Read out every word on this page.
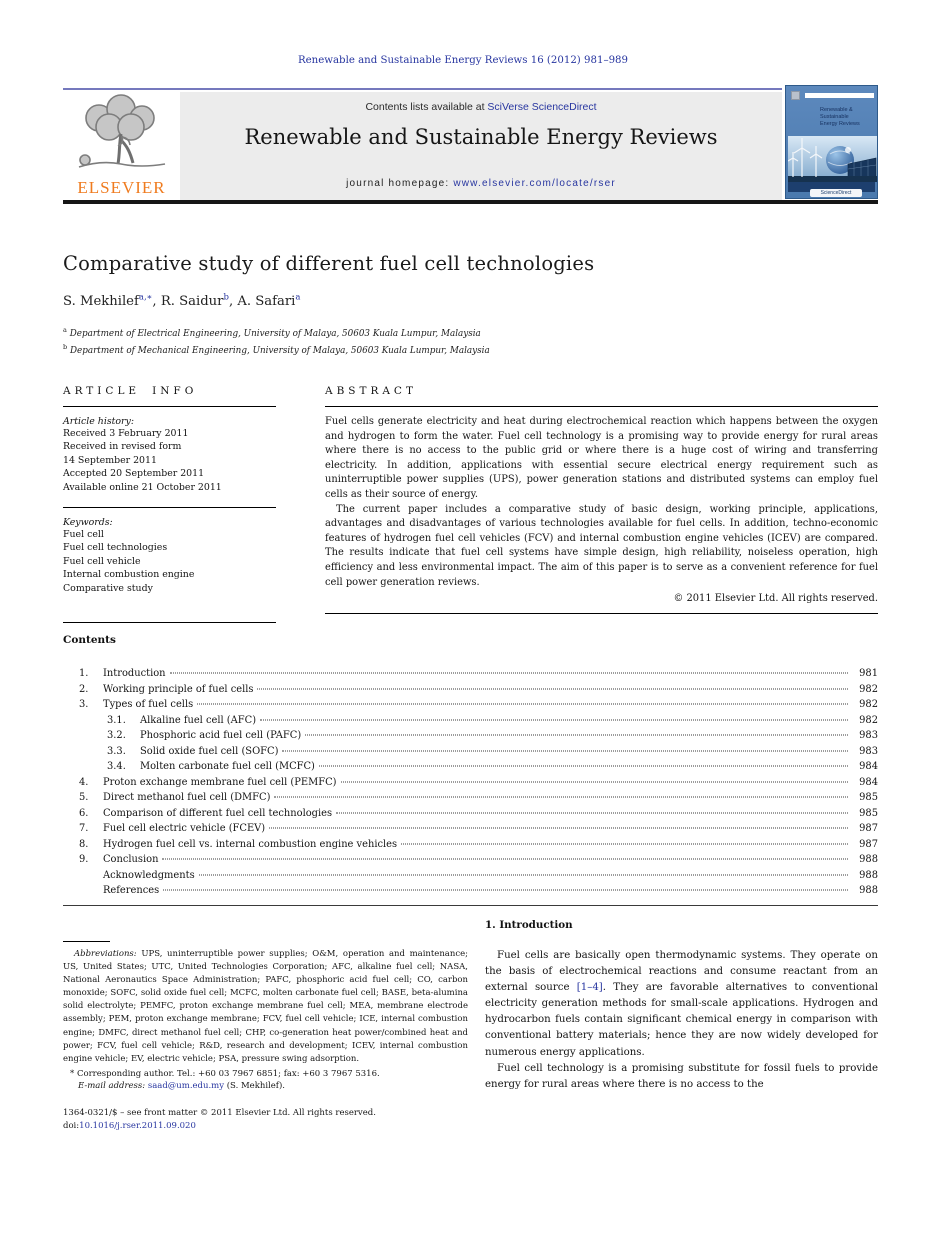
Renewable and Sustainable Energy Reviews 16 (2012) 981–989
ELSEVIER
Contents lists available at SciVerse ScienceDirect
Renewable and Sustainable Energy Reviews
journal homepage: www.elsevier.com/locate/rser
Renewable &
Sustainable
Energy Reviews
ScienceDirect
Comparative study of different fuel cell technologies
S. Mekhilef$^{a,∗}$, R. Saidur$^b$, A. Safari$^a$
$^a$ Department of Electrical Engineering, University of Malaya, 50603 Kuala Lumpur, Malaysia
$^b$ Department of Mechanical Engineering, University of Malaya, 50603 Kuala Lumpur, Malaysia
ARTICLE INFO
Article history:
Received 3 February 2011
Received in revised form
14 September 2011
Accepted 20 September 2011
Available online 21 October 2011
Keywords:
Fuel cell
Fuel cell technologies
Fuel cell vehicle
Internal combustion engine
Comparative study
ABSTRACT

Fuel cells generate electricity and heat during electrochemical reaction which happens between the oxygen and hydrogen to form the water. Fuel cell technology is a promising way to provide energy for rural areas where there is no access to the public grid or where there is a huge cost of wiring and transferring electricity. In addition, applications with essential secure electrical energy requirement such as uninterruptible power supplies (UPS), power generation stations and distributed systems can employ fuel cells as their source of energy.

The current paper includes a comparative study of basic design, working principle, applications, advantages and disadvantages of various technologies available for fuel cells. In addition, techno-economic features of hydrogen fuel cell vehicles (FCV) and internal combustion engine vehicles (ICEV) are compared. The results indicate that fuel cell systems have simple design, high reliability, noiseless operation, high efficiency and less environmental impact. The aim of this paper is to serve as a convenient reference for fuel cell power generation reviews.

© 2011 Elsevier Ltd. All rights reserved.
Contents
1.	Introduction	981
2.	Working principle of fuel cells	982
3.	Types of fuel cells	982
3.1.	Alkaline fuel cell (AFC)	982
3.2.	Phosphoric acid fuel cell (PAFC)	983
3.3.	Solid oxide fuel cell (SOFC)	983
3.4.	Molten carbonate fuel cell (MCFC)	984
4.	Proton exchange membrane fuel cell (PEMFC)	984
5.	Direct methanol fuel cell (DMFC)	985
6.	Comparison of different fuel cell technologies	985
7.	Fuel cell electric vehicle (FCEV)	987
8.	Hydrogen fuel cell vs. internal combustion engine vehicles	987
9.	Conclusion	988
Acknowledgments	988
References	988

Abbreviations: UPS, uninterruptible power supplies; O&M, operation and maintenance; US, United States; UTC, United Technologies Corporation; AFC, alkaline fuel cell; NASA, National Aeronautics Space Administration; PAFC, phosphoric acid fuel cell; CO, carbon monoxide; SOFC, solid oxide fuel cell; MCFC, molten carbonate fuel cell; BASE, beta-alumina solid electrolyte; PEMFC, proton exchange membrane fuel cell; MEA, membrane electrode assembly; PEM, proton exchange membrane; FCV, fuel cell vehicle; ICE, internal combustion engine; DMFC, direct methanol fuel cell; CHP, co-generation heat power/combined heat and power; FCV, fuel cell vehicle; R&D, research and development; ICEV, internal combustion engine vehicle; EV, electric vehicle; PSA, pressure swing adsorption.

* Corresponding author. Tel.: +60 03 7967 6851; fax: +60 3 7967 5316.

E-mail address: saad@um.edu.my (S. Mekhilef).

1364-0321/$ – see front matter © 2011 Elsevier Ltd. All rights reserved.

doi:10.1016/j.rser.2011.09.020

1. Introduction

Fuel cells are basically open thermodynamic systems. They operate on the basis of electrochemical reactions and consume reactant from an external source [1–4]. They are favorable alternatives to conventional electricity generation methods for small-scale applications. Hydrogen and hydrocarbon fuels contain significant chemical energy in comparison with conventional battery materials; hence they are now widely developed for numerous energy applications.

Fuel cell technology is a promising substitute for fossil fuels to provide energy for rural areas where there is no access to the
